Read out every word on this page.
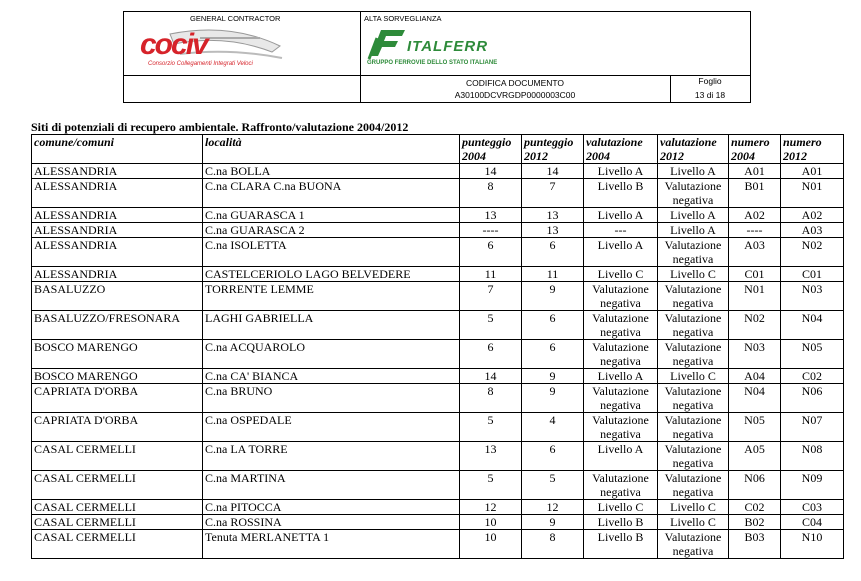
GENERAL CONTRACTOR	ALTA SORVEGLIANZA
cociv
Consorzio Collegamenti Integrati Veloci
ITALFERR
GRUPPO FERROVIE DELLO STATO ITALIANE
CODIFICA DOCUMENTO
A30100DCVRGDP0000003C00
Foglio
13 di 18
Siti di potenziali di recupero ambientale. Raffronto/valutazione 2004/2012
comune/comuni	località	punteggio 2004	punteggio 2012	valutazione 2004	valutazione 2012	numero 2004	numero 2012
ALESSANDRIA	C.na BOLLA	14	14	Livello A	Livello A	A01	A01
ALESSANDRIA	C.na CLARA C.na BUONA	8	7	Livello B	Valutazione negativa	B01	N01
ALESSANDRIA	C.na GUARASCA 1	13	13	Livello A	Livello A	A02	A02
ALESSANDRIA	C.na GUARASCA 2	----	13	---	Livello A	----	A03
ALESSANDRIA	C.na ISOLETTA	6	6	Livello A	Valutazione negativa	A03	N02
ALESSANDRIA	CASTELCERIOLO LAGO BELVEDERE	11	11	Livello C	Livello C	C01	C01
BASALUZZO	TORRENTE LEMME	7	9	Valutazione negativa	Valutazione negativa	N01	N03
BASALUZZO/FRESONARA	LAGHI GABRIELLA	5	6	Valutazione negativa	Valutazione negativa	N02	N04
BOSCO MARENGO	C.na ACQUAROLO	6	6	Valutazione negativa	Valutazione negativa	N03	N05
BOSCO MARENGO	C.na CA' BIANCA	14	9	Livello A	Livello C	A04	C02
CAPRIATA D'ORBA	C.na BRUNO	8	9	Valutazione negativa	Valutazione negativa	N04	N06
CAPRIATA D'ORBA	C.na OSPEDALE	5	4	Valutazione negativa	Valutazione negativa	N05	N07
CASAL CERMELLI	C.na LA TORRE	13	6	Livello A	Valutazione negativa	A05	N08
CASAL CERMELLI	C.na MARTINA	5	5	Valutazione negativa	Valutazione negativa	N06	N09
CASAL CERMELLI	C.na PITOCCA	12	12	Livello C	Livello C	C02	C03
CASAL CERMELLI	C.na ROSSINA	10	9	Livello B	Livello C	B02	C04
CASAL CERMELLI	Tenuta MERLANETTA 1	10	8	Livello B	Valutazione negativa	B03	N10
